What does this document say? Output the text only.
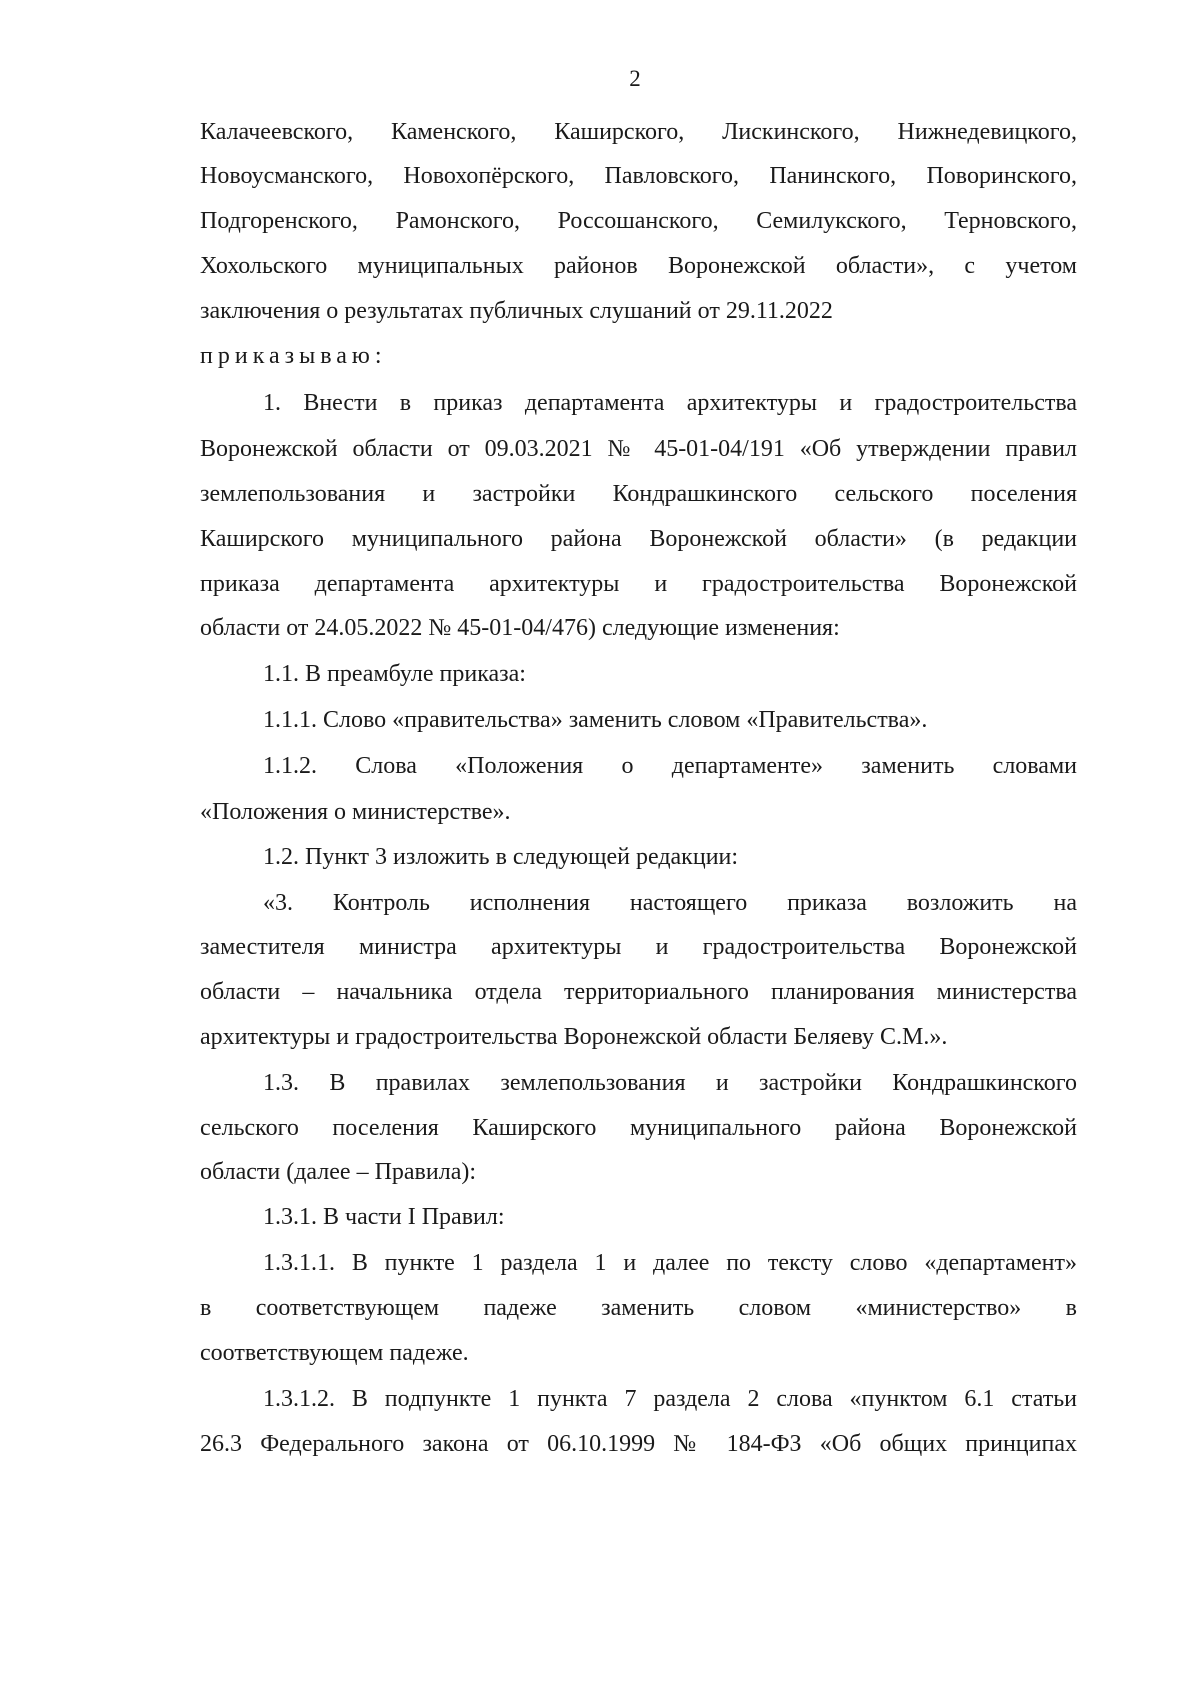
2
Калачеевского, Каменского, Каширского, Лискинского, Нижнедевицкого,
Новоусманского, Новохопёрского, Павловского, Панинского, Поворинского,
Подгоренского, Рамонского, Россошанского, Семилукского, Терновского,
Хохольского муниципальных районов Воронежской области», с учетом
заключения о результатах публичных слушаний от 29.11.2022
приказываю:
1. Внести в приказ департамента архитектуры и градостроительства
Воронежской области от 09.03.2021 № 45-01-04/191 «Об утверждении правил
землепользования и застройки Кондрашкинского сельского поселения
Каширского муниципального района Воронежской области» (в редакции
приказа департамента архитектуры и градостроительства Воронежской
области от 24.05.2022 № 45-01-04/476) следующие изменения:
1.1. В преамбуле приказа:
1.1.1. Слово «правительства» заменить словом «Правительства».
1.1.2. Слова «Положения о департаменте» заменить словами
«Положения о министерстве».
1.2. Пункт 3 изложить в следующей редакции:
«3. Контроль исполнения настоящего приказа возложить на
заместителя министра архитектуры и градостроительства Воронежской
области – начальника отдела территориального планирования министерства
архитектуры и градостроительства Воронежской области Беляеву С.М.».
1.3. В правилах землепользования и застройки Кондрашкинского
сельского поселения Каширского муниципального района Воронежской
области (далее – Правила):
1.3.1. В части I Правил:
1.3.1.1. В пункте 1 раздела 1 и далее по тексту слово «департамент»
в соответствующем падеже заменить словом «министерство» в
соответствующем падеже.
1.3.1.2. В подпункте 1 пункта 7 раздела 2 слова «пунктом 6.1 статьи
26.3 Федерального закона от 06.10.1999 № 184-ФЗ «Об общих принципах
